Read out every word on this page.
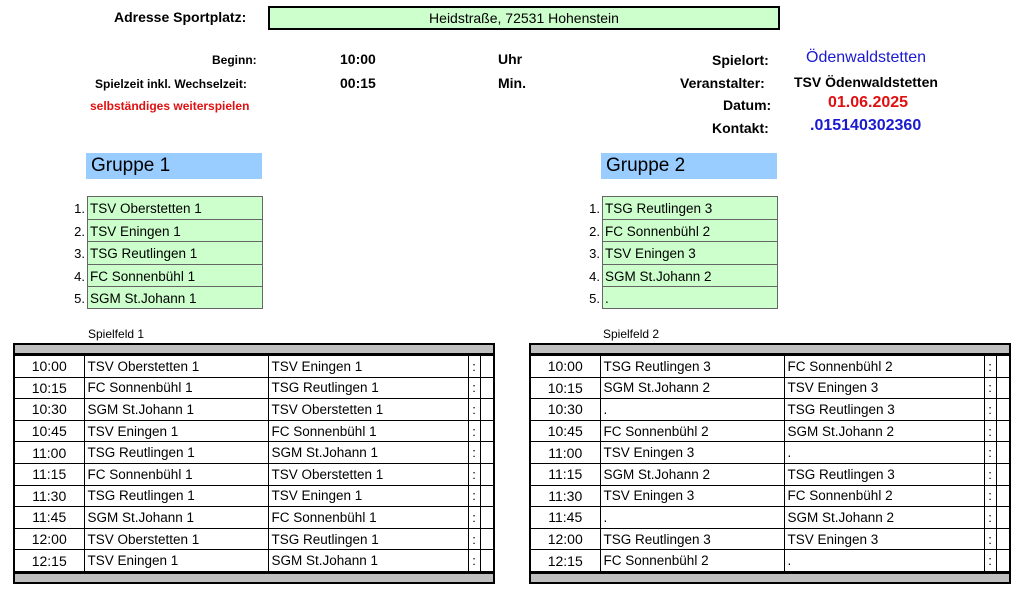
Adresse Sportplatz:	Heidstraße, 72531 Hohenstein
Beginn:	10:00	Uhr
Spielzeit inkl. Wechselzeit:	00:15	Min.
selbständiges weiterspielen
Spielort: Ödenwaldstetten
Veranstalter: TSV Ödenwaldstetten
Datum:	01.06.2025
Kontakt:	.015140302360
Gruppe 1
1. TSV Oberstetten 1
2. TSV Eningen 1
3. TSG Reutlingen 1
4. FC Sonnenbühl 1
5. SGM St.Johann 1
Gruppe 2
1. TSG Reutlingen 3
2. FC Sonnenbühl 2
3. TSV Eningen 3
4. SGM St.Johann 2
5. .
Spielfeld 1	Spielfeld 2
10:00	TSV Oberstetten 1	TSV Eningen 1	:	
10:15	FC Sonnenbühl 1	TSG Reutlingen 1	:	
10:30	SGM St.Johann 1	TSV Oberstetten 1	:	
10:45	TSV Eningen 1	FC Sonnenbühl 1	:	
11:00	TSG Reutlingen 1	SGM St.Johann 1	:	
11:15	FC Sonnenbühl 1	TSV Oberstetten 1	:	
11:30	TSG Reutlingen 1	TSV Eningen 1	:	
11:45	SGM St.Johann 1	FC Sonnenbühl 1	:	
12:00	TSV Oberstetten 1	TSG Reutlingen 1	:	
12:15	TSV Eningen 1	SGM St.Johann 1	:	
10:00	TSG Reutlingen 3	FC Sonnenbühl 2	:	
10:15	SGM St.Johann 2	TSV Eningen 3	:	
10:30	.	TSG Reutlingen 3	:	
10:45	FC Sonnenbühl 2	SGM St.Johann 2	:	
11:00	TSV Eningen 3	.	:	
11:15	SGM St.Johann 2	TSG Reutlingen 3	:	
11:30	TSV Eningen 3	FC Sonnenbühl 2	:	
11:45	.	SGM St.Johann 2	:	
12:00	TSG Reutlingen 3	TSV Eningen 3	:	
12:15	FC Sonnenbühl 2	.	:	
